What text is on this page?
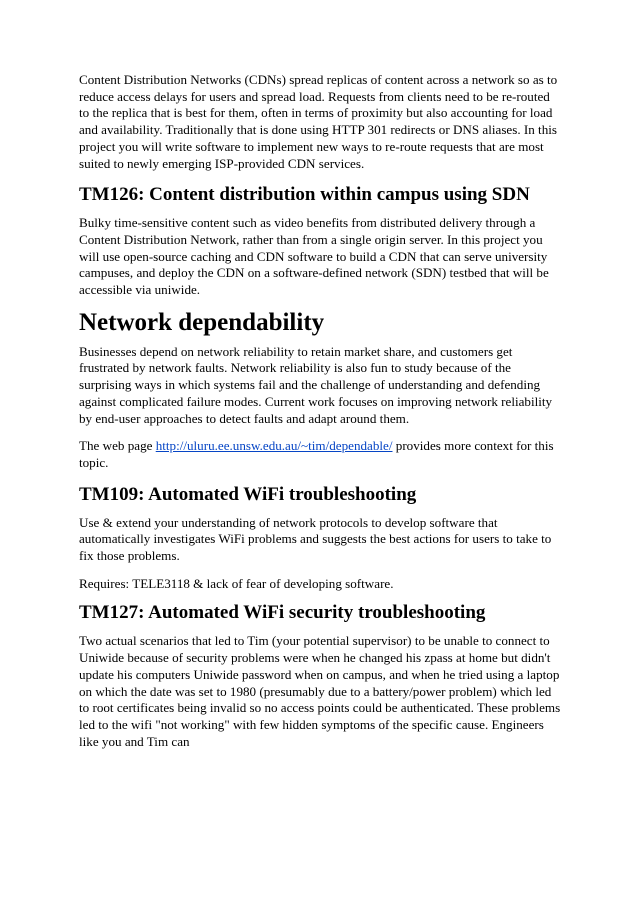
Content Distribution Networks (CDNs) spread replicas of content across a network so as to reduce access delays for users and spread load. Requests from clients need to be re-routed to the replica that is best for them, often in terms of proximity but also accounting for load and availability. Traditionally that is done using HTTP 301 redirects or DNS aliases. In this project you will write software to implement new ways to re-route requests that are most suited to newly emerging ISP-provided CDN services.

TM126: Content distribution within campus using SDN

Bulky time-sensitive content such as video benefits from distributed delivery through a Content Distribution Network, rather than from a single origin server. In this project you will use open-source caching and CDN software to build a CDN that can serve university campuses, and deploy the CDN on a software-defined network (SDN) testbed that will be accessible via uniwide.

Network dependability

Businesses depend on network reliability to retain market share, and customers get frustrated by network faults. Network reliability is also fun to study because of the surprising ways in which systems fail and the challenge of understanding and defending against complicated failure modes. Current work focuses on improving network reliability by end-user approaches to detect faults and adapt around them.

The web page http://uluru.ee.unsw.edu.au/~tim/dependable/ provides more context for this topic.

TM109: Automated WiFi troubleshooting

Use & extend your understanding of network protocols to develop software that automatically investigates WiFi problems and suggests the best actions for users to take to fix those problems.

Requires: TELE3118 & lack of fear of developing software.

TM127: Automated WiFi security troubleshooting

Two actual scenarios that led to Tim (your potential supervisor) to be unable to connect to Uniwide because of security problems were when he changed his zpass at home but didn't update his computers Uniwide password when on campus, and when he tried using a laptop on which the date was set to 1980 (presumably due to a battery/power problem) which led to root certificates being invalid so no access points could be authenticated. These problems led to the wifi "not working" with few hidden symptoms of the specific cause. Engineers like you and Tim can
